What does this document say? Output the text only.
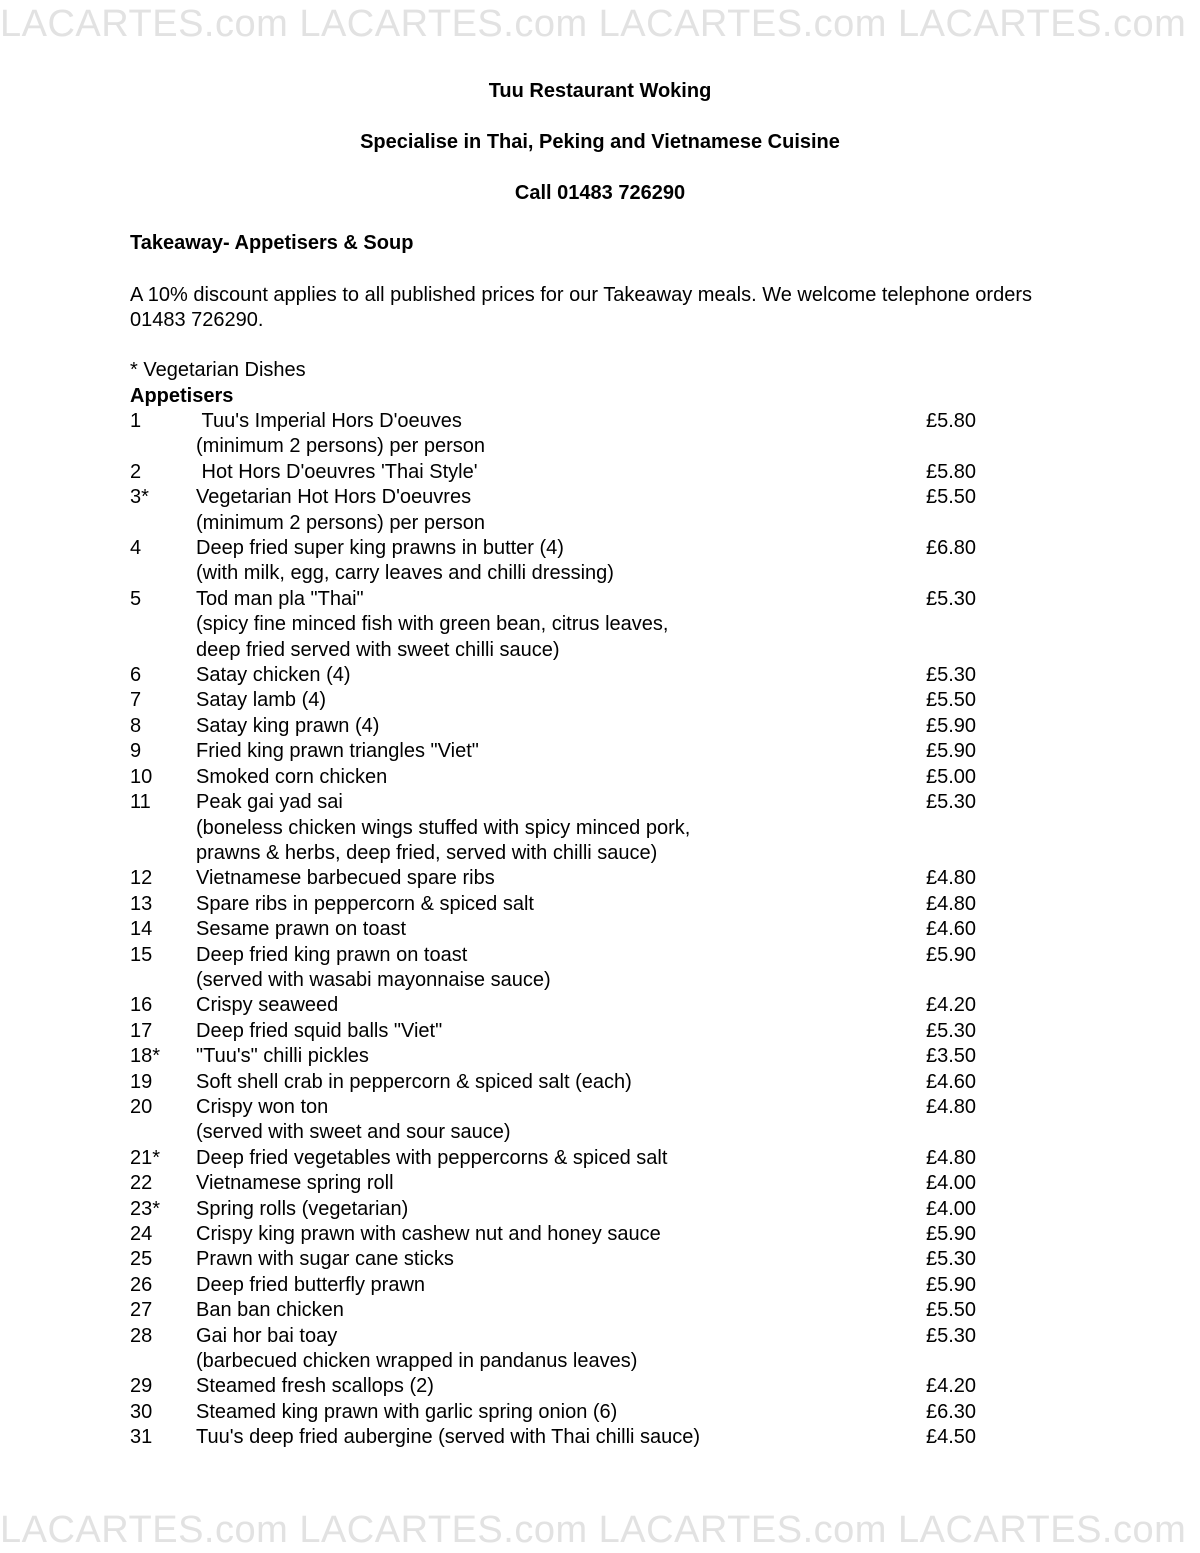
LACARTES.com LACARTES.com LACARTES.com LACARTES.com
Tuu Restaurant Woking
Specialise in Thai, Peking and Vietnamese Cuisine
Call 01483 726290
Takeaway- Appetisers & Soup
A 10% discount applies to all published prices for our Takeaway meals. We welcome telephone orders 01483 726290.
* Vegetarian Dishes
Appetisers
1	Tuu's Imperial Hors D'oeuves
(minimum 2 persons) per person
£5.80
2	Hot Hors D'oeuvres 'Thai Style'	£5.80
3*	Vegetarian Hot Hors D'oeuvres
(minimum 2 persons) per person
£5.50
4	Deep fried super king prawns in butter (4)
(with milk, egg, carry leaves and chilli dressing)
£6.80
5	Tod man pla "Thai"
(spicy fine minced fish with green bean, citrus leaves,
deep fried served with sweet chilli sauce)
£5.30
6	Satay chicken (4)	£5.30
7	Satay lamb (4)	£5.50
8	Satay king prawn (4)	£5.90
9	Fried king prawn triangles "Viet"	£5.90
10	Smoked corn chicken	£5.00
11	Peak gai yad sai
(boneless chicken wings stuffed with spicy minced pork,
prawns & herbs, deep fried, served with chilli sauce)
£5.30
12	Vietnamese barbecued spare ribs	£4.80
13	Spare ribs in peppercorn & spiced salt	£4.80
14	Sesame prawn on toast	£4.60
15	Deep fried king prawn on toast
(served with wasabi mayonnaise sauce)
£5.90
16	Crispy seaweed	£4.20
17	Deep fried squid balls "Viet"	£5.30
18*	"Tuu's" chilli pickles	£3.50
19	Soft shell crab in peppercorn & spiced salt (each)	£4.60
20	Crispy won ton
(served with sweet and sour sauce)
£4.80
21*	Deep fried vegetables with peppercorns & spiced salt	£4.80
22	Vietnamese spring roll	£4.00
23*	Spring rolls (vegetarian)	£4.00
24	Crispy king prawn with cashew nut and honey sauce	£5.90
25	Prawn with sugar cane sticks	£5.30
26	Deep fried butterfly prawn	£5.90
27	Ban ban chicken	£5.50
28	Gai hor bai toay
(barbecued chicken wrapped in pandanus leaves)
£5.30
29	Steamed fresh scallops (2)	£4.20
30	Steamed king prawn with garlic spring onion (6)	£6.30
31	Tuu's deep fried aubergine (served with Thai chilli sauce)	£4.50
LACARTES.com LACARTES.com LACARTES.com LACARTES.com
